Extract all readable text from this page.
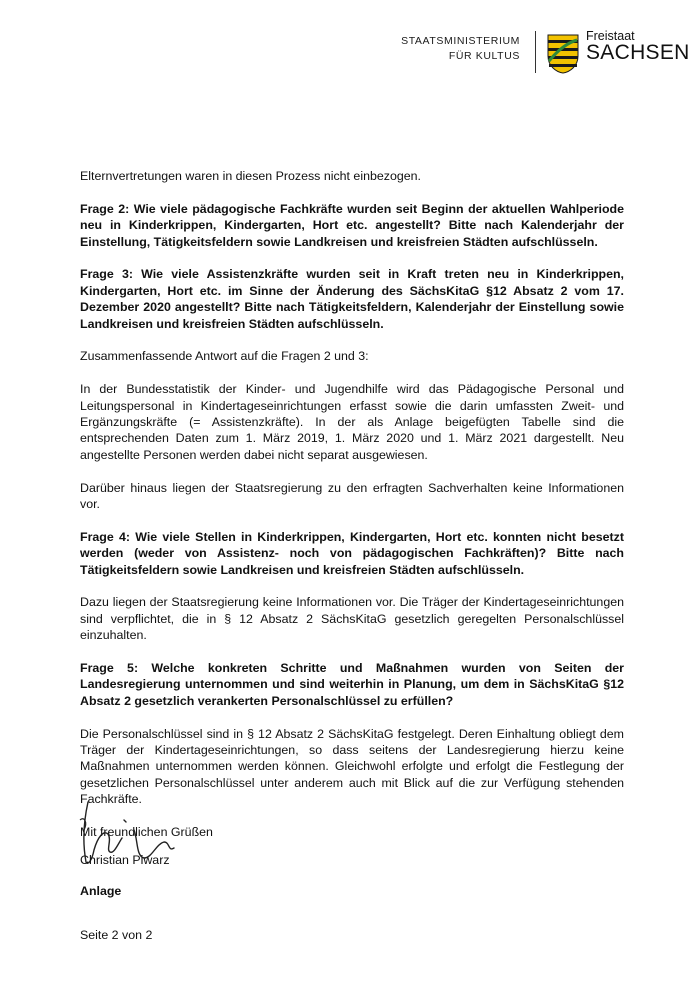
STAATSMINISTERIUM
FÜR KULTUS
Freistaat
SACHSEN

Elternvertretungen waren in diesen Prozess nicht einbezogen.

Frage 2: Wie viele pädagogische Fachkräfte wurden seit Beginn der aktuellen Wahlperiode neu in Kinderkrippen, Kindergarten, Hort etc. angestellt? Bitte nach Kalenderjahr der Einstellung, Tätigkeitsfeldern sowie Landkreisen und kreisfreien Städten aufschlüsseln.

Frage 3: Wie viele Assistenzkräfte wurden seit in Kraft treten neu in Kinderkrippen, Kindergarten, Hort etc. im Sinne der Änderung des SächsKitaG §12 Absatz 2 vom 17. Dezember 2020 angestellt? Bitte nach Tätigkeitsfeldern, Kalenderjahr der Einstellung sowie Landkreisen und kreisfreien Städten aufschlüsseln.

Zusammenfassende Antwort auf die Fragen 2 und 3:

In der Bundesstatistik der Kinder- und Jugendhilfe wird das Pädagogische Personal und Leitungspersonal in Kindertageseinrichtungen erfasst sowie die darin umfassten Zweit- und Ergänzungskräfte (= Assistenzkräfte). In der als Anlage beigefügten Tabelle sind die entsprechenden Daten zum 1. März 2019, 1. März 2020 und 1. März 2021 dargestellt. Neu angestellte Personen werden dabei nicht separat ausgewiesen.

Darüber hinaus liegen der Staatsregierung zu den erfragten Sachverhalten keine Informationen vor.

Frage 4: Wie viele Stellen in Kinderkrippen, Kindergarten, Hort etc. konnten nicht besetzt werden (weder von Assistenz- noch von pädagogischen Fachkräften)? Bitte nach Tätigkeitsfeldern sowie Landkreisen und kreisfreien Städten aufschlüsseln.

Dazu liegen der Staatsregierung keine Informationen vor. Die Träger der Kindertageseinrichtungen sind verpflichtet, die in § 12 Absatz 2 SächsKitaG gesetzlich geregelten Personalschlüssel einzuhalten.

Frage 5: Welche konkreten Schritte und Maßnahmen wurden von Seiten der Landesregierung unternommen und sind weiterhin in Planung, um dem in SächsKitaG §12 Absatz 2 gesetzlich verankerten Personalschlüssel zu erfüllen?

Die Personalschlüssel sind in § 12 Absatz 2 SächsKitaG festgelegt. Deren Einhaltung obliegt dem Träger der Kindertageseinrichtungen, so dass seitens der Landesregierung hierzu keine Maßnahmen unternommen werden können. Gleichwohl erfolgte und erfolgt die Festlegung der gesetzlichen Personalschlüssel unter anderem auch mit Blick auf die zur Verfügung stehenden Fachkräfte.

Mit freundlichen Grüßen

Christian Piwarz
Anlage
Seite 2 von 2
